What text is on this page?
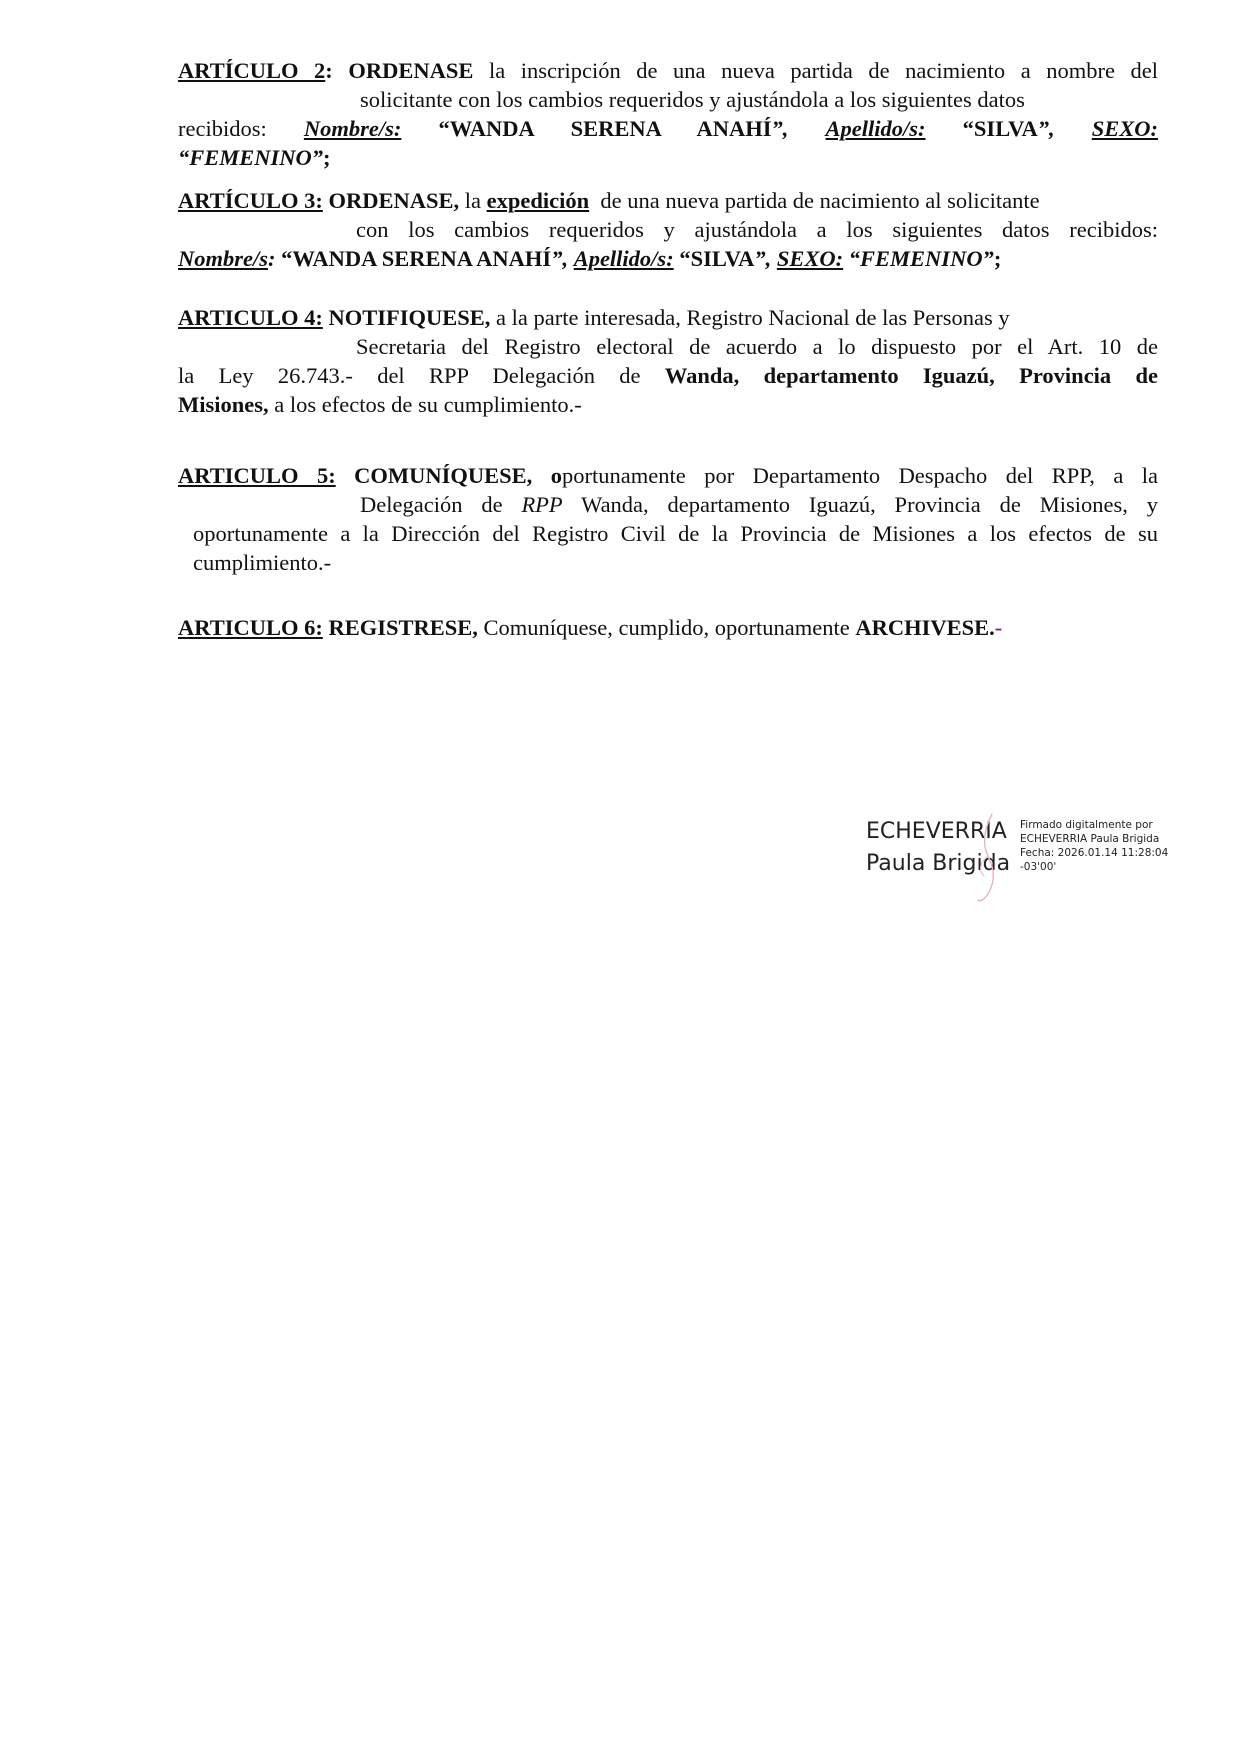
ARTÍCULO 2: ORDENASE la inscripción de una nueva partida de nacimiento a nombre del
solicitante con los cambios requeridos y ajustándola a los siguientes datos
recibidos: Nombre/s: “WANDA SERENA ANAHÍ”, Apellido/s: “SILVA”, SEXO:
“FEMENINO”;
ARTÍCULO 3: ORDENASE, la expedición de una nueva partida de nacimiento al solicitante
con los cambios requeridos y ajustándola a los siguientes datos recibidos:
Nombre/s: “WANDA SERENA ANAHÍ”, Apellido/s: “SILVA”, SEXO: “FEMENINO”;
ARTICULO 4: NOTIFIQUESE, a la parte interesada, Registro Nacional de las Personas y
Secretaria del Registro electoral de acuerdo a lo dispuesto por el Art. 10 de
la Ley 26.743.- del RPP Delegación de Wanda, departamento Iguazú, Provincia de
Misiones, a los efectos de su cumplimiento.-
ARTICULO 5: COMUNÍQUESE, oportunamente por Departamento Despacho del RPP, a la
Delegación de RPP Wanda, departamento Iguazú, Provincia de Misiones, y
oportunamente a la Dirección del Registro Civil de la Provincia de Misiones a los efectos de su
cumplimiento.-
ARTICULO 6: REGISTRESE, Comuníquese, cumplido, oportunamente ARCHIVESE.-
ECHEVERRIA
Paula Brigida
Firmado digitalmente por
ECHEVERRIA Paula Brigida
Fecha: 2026.01.14 11:28:04
-03'00'
